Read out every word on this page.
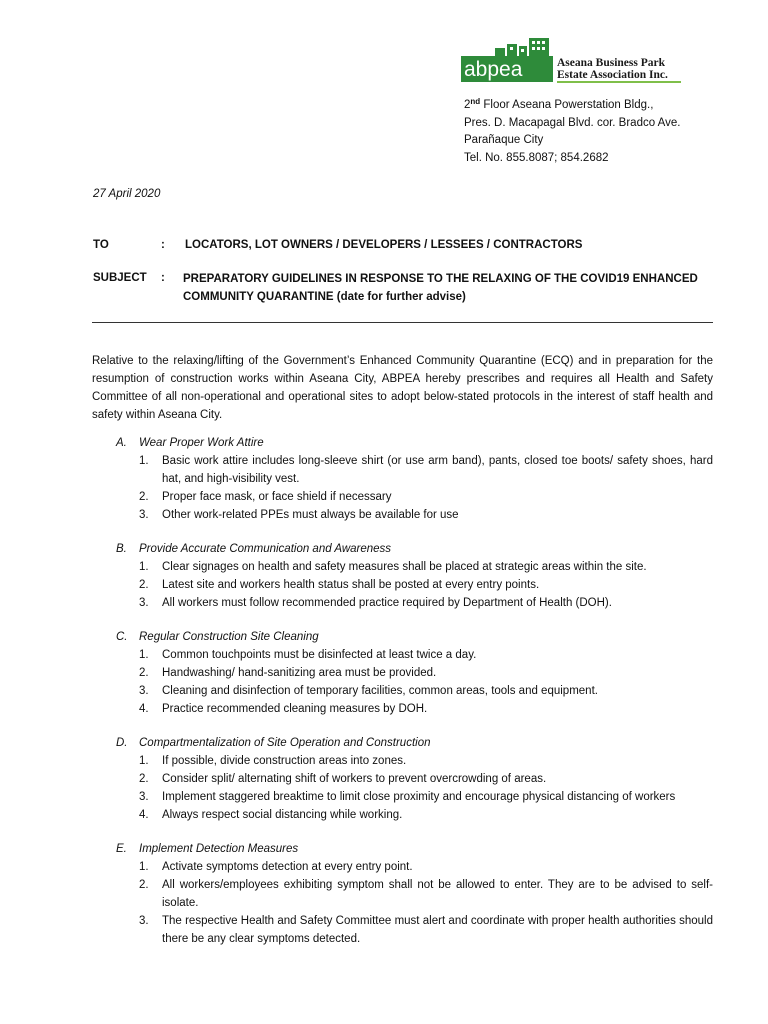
abpea	Aseana Business Park
Estate Association Inc.
2nd Floor Aseana Powerstation Bldg.,
Pres. D. Macapagal Blvd. cor. Bradco Ave.
Parañaque City
Tel. No. 855.8087; 854.2682
27 April 2020
TO	: LOCATORS, LOT OWNERS / DEVELOPERS / LESSEES / CONTRACTORS
SUBJECT : PREPARATORY GUIDELINES IN RESPONSE TO THE RELAXING OF THE COVID19 ENHANCED
COMMUNITY QUARANTINE (date for further advise)
Relative to the relaxing/lifting of the Government’s Enhanced Community Quarantine (ECQ) and in preparation for the resumption of construction works within Aseana City, ABPEA hereby prescribes and requires all Health and Safety Committee of all non-operational and operational sites to adopt below-stated protocols in the interest of staff health and safety within Aseana City.
A. Wear Proper Work Attire
1. Basic work attire includes long-sleeve shirt (or use arm band), pants, closed toe boots/ safety shoes, hard hat, and high-visibility vest.
2. Proper face mask, or face shield if necessary
3. Other work-related PPEs must always be available for use
B. Provide Accurate Communication and Awareness
1. Clear signages on health and safety measures shall be placed at strategic areas within the site.
2. Latest site and workers health status shall be posted at every entry points.
3. All workers must follow recommended practice required by Department of Health (DOH).
C. Regular Construction Site Cleaning
1. Common touchpoints must be disinfected at least twice a day.
2. Handwashing/ hand-sanitizing area must be provided.
3. Cleaning and disinfection of temporary facilities, common areas, tools and equipment.
4. Practice recommended cleaning measures by DOH.
D. Compartmentalization of Site Operation and Construction
1. If possible, divide construction areas into zones.
2. Consider split/ alternating shift of workers to prevent overcrowding of areas.
3. Implement staggered breaktime to limit close proximity and encourage physical distancing of workers
4. Always respect social distancing while working.
E. Implement Detection Measures
1. Activate symptoms detection at every entry point.
2. All workers/employees exhibiting symptom shall not be allowed to enter. They are to be advised to self-isolate.
3. The respective Health and Safety Committee must alert and coordinate with proper health authorities should there be any clear symptoms detected.
